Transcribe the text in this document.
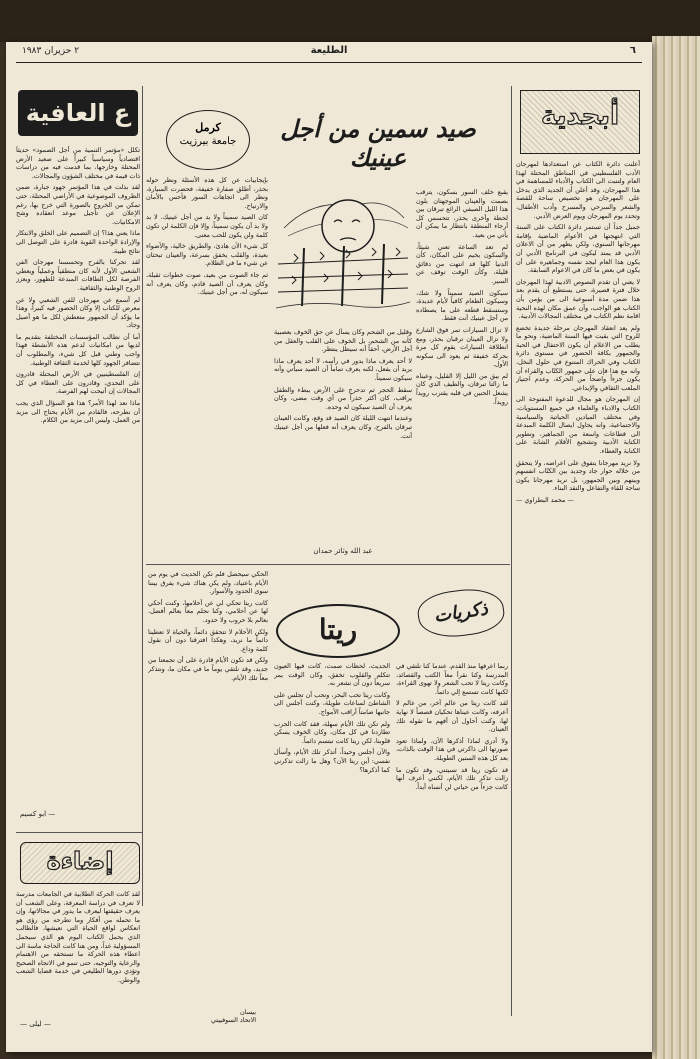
٦
الطليعة
٢ حزيران ١٩٨٣
أبجدية

أعلنت دائرة الكتاب عن استعدادها لمهرجان الأدب الفلسطيني في المناطق المحتلة لهذا العام ولتنبت الى الكتاب والأدباء للمساهمة في هذا المهرجان، وقد أعلن أن الجديد الذي يدخل على المهرجان هو تخصيص ساحة للقصة والشعر والسرحي والمسرح وأدب الأطفال، وتحدد يوم المهرجان ويوم العرض الأدبي.

جميل جداً أن تستمر دائرة الكتاب على السنة التي انتهجتها في الأعوام الماضية بإقامة مهرجانها السنوي، ولكن يظهر من أن الاعلان الأدبي قد يمتد ليكون في البرنامج الأدبي أن يكون هذا العام ليجد نفسه وجماهيره على أن يكون في بعض ما كان في الاعوام السابقة.

لا يعني أن تقدم النصوص الادبية لهذا المهرجان خلال فترة قصيرة، حتى يستطيع أن يقدم بعد هذا ضمن مدة أسبوعية الى من يؤمن بأن الكتاب هو الواجب، وأن عمق مكان لهذه النحية اقامة نظم الكتاب في مختلف المجالات الأدبية.

ولم يعد انعقاد المهرجان مرحلة جديدة تخضع للروح التي بقيت فيها السنة الماضية، ونحو ما يطلب من الاعلام أن يكون الاحتفال في الحبة والجمهور بكافة الحضور في مستوى دائرة الكتاب وفي الحراك المتنوع في حلول النخل، وانه مع هذا فإن على جمهور الكتّاب والقراء أن يكون جزءاً واضحاً من الحركة، وعدم اجتياز الملعب الثقافي والإبداعي.

إن المهرجان هو مجال للدعوة المفتوحة الى الكتاب والادباء والعلماء في جميع المستويات، وفي مختلف الميادين الحياتية والسياسية والاجتماعية، وانه يحاول ايصال الكلمة المبدعة الى قطاعات واسعة من الجماهير، وتطوير الكتابة الأدبية وتشجيع الأقلام الشابة على الكتابة والعطاء.

ولا نريد مهرجانا يتفوق على اعراضه، ولا يتحقق من خلاله حوار جاد وجديد بين الكتّاب انفسهم وبينهم وبين الجمهور، بل نريد مهرجانا يكون ساحة للقاء والتفاعل والنقد البناء.

— محمد البطراوي —

كرمل
جامعة بيرزيت	صيد سمين من أجل عينيك

يقبع خلف السور بسكون، يترقب بصمت والعينان الموجهتان بلون هذا الليل الصيفي الرائع تبرقان بين لحظة وأخرى بحذر، تتحسس كل أرجاء المنطقة بانتظار ما يمكن أن يأتي من بعيد.

لم تعد الساعة تعني شيئاً، والسكون يخيم على المكان، كأن الدنيا كلها قد انتهت من دقائق قليلة، وكأن الوقت توقف عن السير.

سيكون الصيد سميناً ولا شك، وسيكون الطعام كافياً لأيام عديدة، وستسقط قطعه على ما يصطاده من أجل عينيك أنت فقط.

لا تزال السيارات تمر فوق الشارع ولا تزال العينان ترقبان بحذر، ومع انطلاقة السيارات يقوم كل مرة بحركة خفيفة ثم يعود الى سكونه الأول.

لم يبق من الليل إلا القليل، وعيناه ما زالتا تبرقان، والطيف الذي كان يشعل الحنين في قلبه يقترب رويداً رويداً.

وقليل من الشحم وكان يسأل عن حق الخوف بعصبية كأنه من الشحم، بل الخوف على القلب والعقل من أجل الأرض، أحقاً أنه سيظل ينتظر.

لا أحد يعرف ماذا يدور في رأسه، لا أحد يعرف ماذا يريد أن يفعل، لكنه يعرف تماماً أن الصيد سيأتي وأنه سيكون سميناً.

سقط الحجر ثم تدحرج على الأرض ببطء والطفل يراقب، كان أكثر حذراً من أي وقت مضى، وكان يعرف أن الصيد سيكون له وحده.

وعندما انتهت الليلة كان الصيد قد وقع، وكانت العينان تبرقان بالفرح، وكان يعرف أنه فعلها من أجل عينيك أنت.

بإيجابيات عن كل هذه الأسئلة ونظر حوله بحذر، أطلق صفارة خفيفة، فحضرت السيارة، ونظر الى اتجاهات السور فأحس بالأمان والارتياح.

كان الصيد سميناً ولا بد من أجل عينيك، لا بد ولا بد أن يكون سميناً، وإلا فإن الكلمة لن تكون كلمة ولن يكون للحب معنى.

كل شيء الآن هادئ، والطريق خالية، والأضواء بعيدة، والقلب يخفق بسرعة، والعينان تبحثان عن شيء ما في الظلام.

ثم جاء الصوت من بعيد، صوت خطوات ثقيلة، وكان يعرف أن الصيد قادم، وكان يعرف أنه سيكون له، من أجل عينيك.

عبد الله وثائر حمدان
ع العافية

تكلل «مؤتمر التنمية من أجل الصمود» حديثاً اقتصادياً وسياسياً كبيراً على صعيد الأرض المحتلة وخارجها، بما قدمت فيه من دراسات ذات قيمة في مختلف الشؤون والمجالات.

لقد بذلت في هذا المؤتمر جهود جبارة، ضمن الظروف الموضوعية في الأراضي المحتلة، حتى تمكن من الخروج بالصورة التي خرج بها، رغم الإعلان عن تأجيل موعد انعقاده وشح الامكانيات.

ماذا يعني هذا؟ إن التصميم على الخلق والابتكار والإرادة الواحدة القوية قادرة على التوصل الى نتائج طيبة.

لقد تحركنا بالفرح وتحسسنا مهرجان الفن الشعبي الأول لأنه كان منطقياً وعملياً ويعطي الفرصة لكل الطاقات المبدعة للظهور، ويعزز الروح الوطنية والثقافية.

لم أسمع عن مهرجان للفن الشعبي ولا عن معرض للكتاب إلا وكان الحضور فيه كبيراً، وهذا ما يؤكد أن الجمهور متعطش لكل ما هو أصيل وجاد.

أما أن نطالب المؤسسات المختلفة بتقديم ما لديها من امكانيات لدعم هذه الأنشطة فهذا واجب وطني قبل كل شيء، والمطلوب أن تتضافر الجهود كلها لخدمة الثقافة الوطنية.

إن الفلسطينيين في الأرض المحتلة قادرون على التحدي، وقادرون على العطاء في كل المجالات إن أتيحت لهم الفرصة.

ماذا نعد لهذا الأمر؟ هذا هو السؤال الذي يجب أن نطرحه، فالقادم من الأيام يحتاج الى مزيد من العمل، وليس الى مزيد من الكلام.

— ابو كسيم
ذكريات
ريتا

ربما اعرفها منذ القدم، عندما كنا نلتقي في المدرسة وكنا نقرأ معاً الكتب والقصائد، وكانت ريتا لا تحب الشعر ولا تهوى القراءة، لكنها كانت تستمع إلي دائماً.

لقد كانت ريتا من عالم آخر، من عالم لا أعرفه، وكانت عيناها تحكيان قصصاً لا نهاية لها، وكنت أحاول أن أفهم ما تقوله تلك العينان.

ولا أدري لماذا أذكرها الآن، ولماذا تعود صورتها الى ذاكرتي في هذا الوقت بالذات، بعد كل هذه السنين الطويلة.

قد تكون ريتا قد نسيتني، وقد تكون ما زالت تذكر تلك الأيام، لكنني أعرف أنها كانت جزءاً من حياتي لن أنساه أبداً.

الحديث، لحظات صمت، كانت فيها العيون تتكلم والقلوب تخفق، وكان الوقت يمر سريعاً دون أن نشعر به.

وكانت ريتا تحب البحر، وتحب أن تجلس على الشاطئ لساعات طويلة، وكنت أجلس الى جانبها صامتاً أراقب الأمواج.

ولم تكن تلك الأيام سهلة، فقد كانت الحرب تطاردنا في كل مكان، وكان الخوف يسكن قلوبنا، لكن ريتا كانت تبتسم دائماً.

والآن أجلس وحيداً، أتذكر تلك الأيام، وأسأل نفسي: أين ريتا الآن؟ وهل ما زالت تذكرني كما أذكرها؟

الحكي سيحصل فلم تكن الحديث في يوم من الأيام باعتياد، ولم يكن هناك شيء يفرق بيننا سوى الحدود والأسوار.

كانت ريتا تحكي لي عن أحلامها، وكنت أحكي لها عن أحلامي، وكنا نحلم معاً بعالم أفضل، بعالم بلا حروب ولا حدود.

ولكن الأحلام لا تتحقق دائماً، والحياة لا تعطينا دائماً ما نريد، وهكذا افترقنا دون أن نقول كلمة وداع.

ولكن قد تكون الأيام قادرة على أن تجمعنا من جديد، وقد نلتقي يوماً ما في مكان ما، ونتذكر معاً تلك الأيام.

بيسان
الاتحاد السوفييتي
إضاءة

لقد كانت الحركة الطلابية في الجامعات مدرسة لا تعرف في دراسة المعرفة، وعلى الشعب أن يعرف حقيقتها ليعرف ما يدور في مجالاتها، وإن ما تحمله من أفكار وما تطرحه من رؤى هو انعكاس لواقع الحياة التي نعيشها، فالطالب الذي يحمل الكتاب اليوم هو الذي سيحمل المسؤولية غداً، ومن هنا كانت الحاجة ماسة الى اعطاء هذه الحركة ما تستحقه من الاهتمام والرعاية والتوجيه، حتى تنمو في الاتجاه الصحيح وتؤدي دورها الطليعي في خدمة قضايا الشعب والوطن.

— ليلى —
